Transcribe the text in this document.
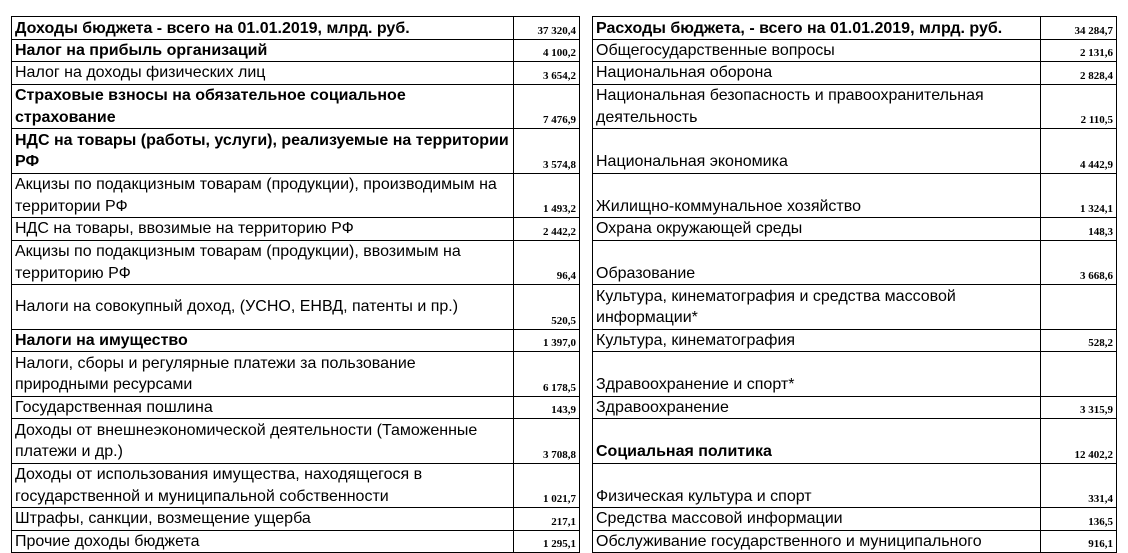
Доходы бюджета - всего на 01.01.2019, млрд. руб.	37 320,4
Налог на прибыль организаций	4 100,2
Налог на доходы физических лиц	3 654,2
Страховые взносы на обязательное социальное страхование	7 476,9
НДС на товары (работы, услуги), реализуемые на территории РФ	3 574,8
Акцизы по подакцизным товарам (продукции), производимым на территории РФ	1 493,2
НДС на товары, ввозимые на территорию РФ	2 442,2
Акцизы по подакцизным товарам (продукции), ввозимым на территорию РФ	96,4
Налоги на совокупный доход, (УСНО, ЕНВД, патенты и пр.)	520,5
Налоги на имущество	1 397,0
Налоги, сборы и регулярные платежи за пользование природными ресурсами	6 178,5
Государственная пошлина	143,9
Доходы от внешнеэкономической деятельности (Таможенные платежи и др.)	3 708,8
Доходы от использования имущества, находящегося в государственной и муниципальной собственности	1 021,7
Штрафы, санкции, возмещение ущерба	217,1
Прочие доходы бюджета	1 295,1
Расходы бюджета, - всего на 01.01.2019, млрд. руб.	34 284,7
Общегосударственные вопросы	2 131,6
Национальная оборона	2 828,4
Национальная безопасность и правоохранительная деятельность	2 110,5
Национальная экономика	4 442,9
Жилищно-коммунальное хозяйство	1 324,1
Охрана окружающей среды	148,3
Образование	3 668,6
Культура, кинематография и средства массовой информации*	
Культура, кинематография	528,2
Здравоохранение и спорт*	
Здравоохранение	3 315,9
Социальная политика	12 402,2
Физическая культура и спорт	331,4
Средства массовой информации	136,5
Обслуживание государственного и муниципального	916,1
